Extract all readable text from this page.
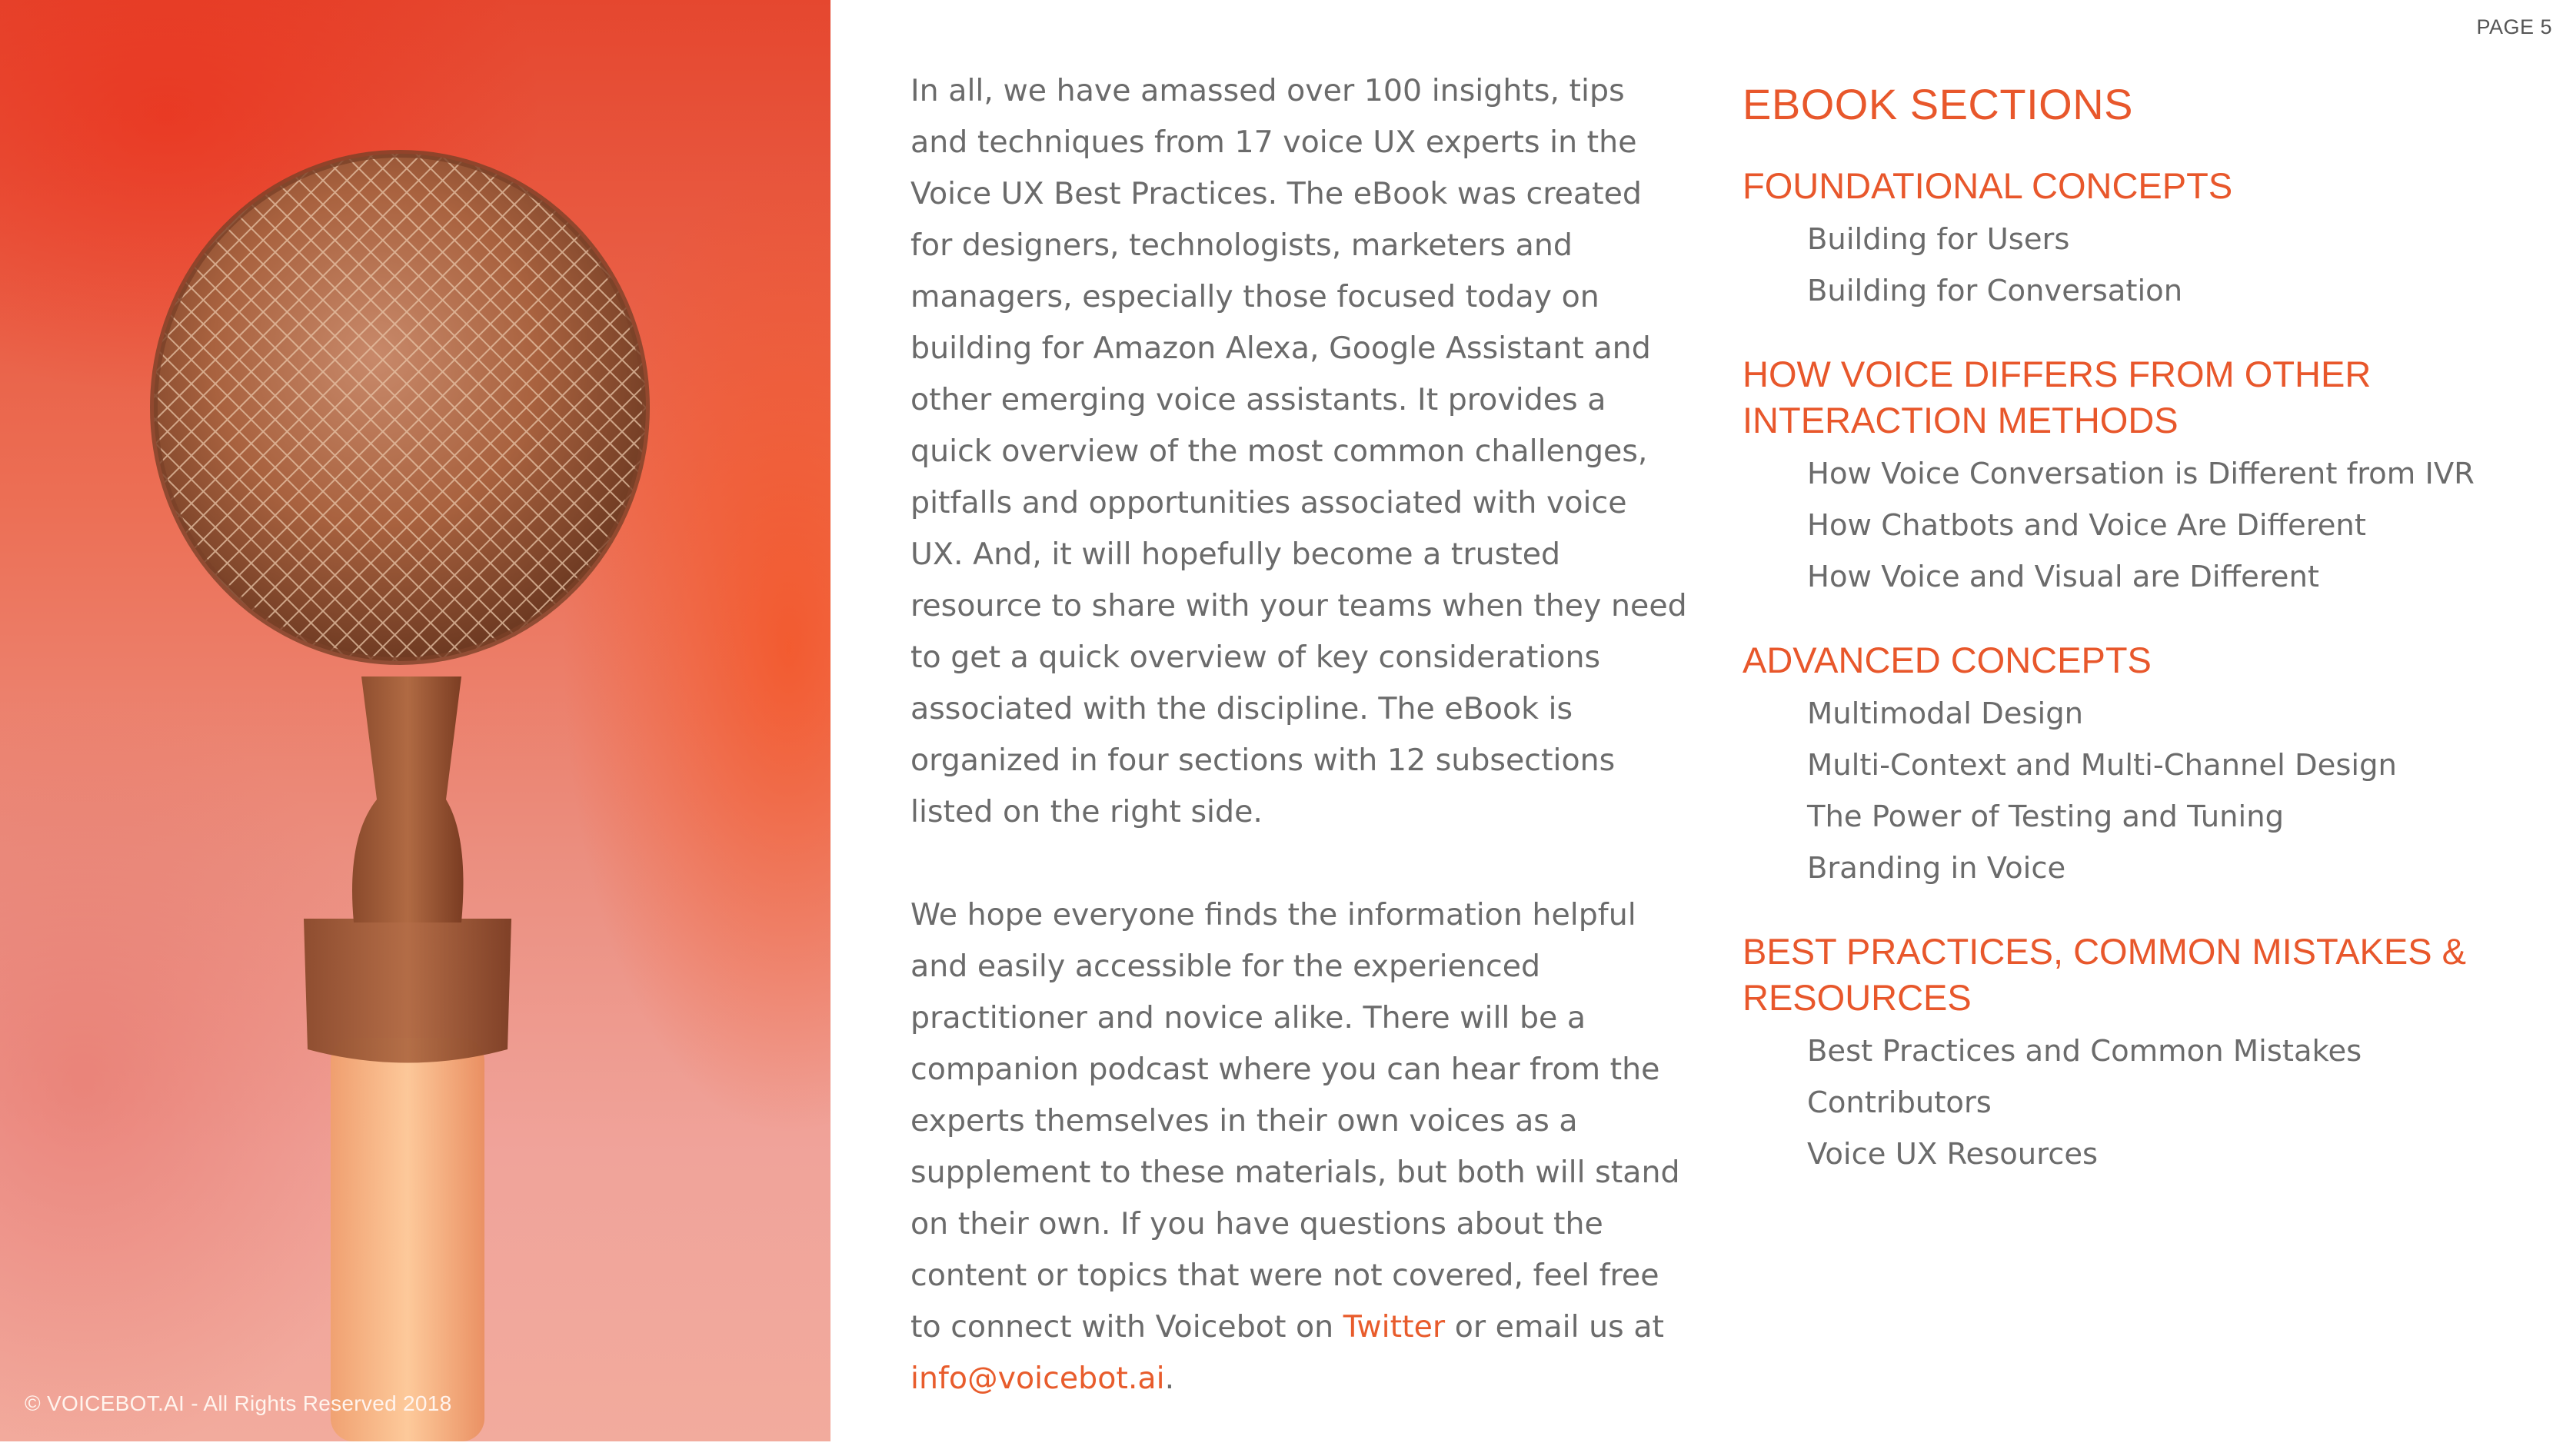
© VOICEBOT.AI - All Rights Reserved 2018
PAGE 5

In all, we have amassed over 100 insights, tips and techniques from 17 voice UX experts in the Voice UX Best Practices. The eBook was created for designers, technologists, marketers and managers, especially those focused today on building for Amazon Alexa, Google Assistant and other emerging voice assistants. It provides a quick overview of the most common challenges, pitfalls and opportunities associated with voice UX. And, it will hopefully become a trusted resource to share with your teams when they need to get a quick overview of key considerations associated with the discipline. The eBook is organized in four sections with 12 subsections listed on the right side.

We hope everyone finds the information helpful and easily accessible for the experienced practitioner and novice alike. There will be a companion podcast where you can hear from the experts themselves in their own voices as a supplement to these materials, but both will stand on their own. If you have questions about the content or topics that were not covered, feel free to connect with Voicebot on Twitter or email us at info@voicebot.ai.

EBOOK SECTIONS
FOUNDATIONAL CONCEPTS
Building for Users
Building for Conversation
HOW VOICE DIFFERS FROM OTHER INTERACTION METHODS
How Voice Conversation is Different from IVR
How Chatbots and Voice Are Different
How Voice and Visual are Different
ADVANCED CONCEPTS
Multimodal Design
Multi-Context and Multi-Channel Design
The Power of Testing and Tuning
Branding in Voice
BEST PRACTICES, COMMON MISTAKES & RESOURCES
Best Practices and Common Mistakes
Contributors
Voice UX Resources
